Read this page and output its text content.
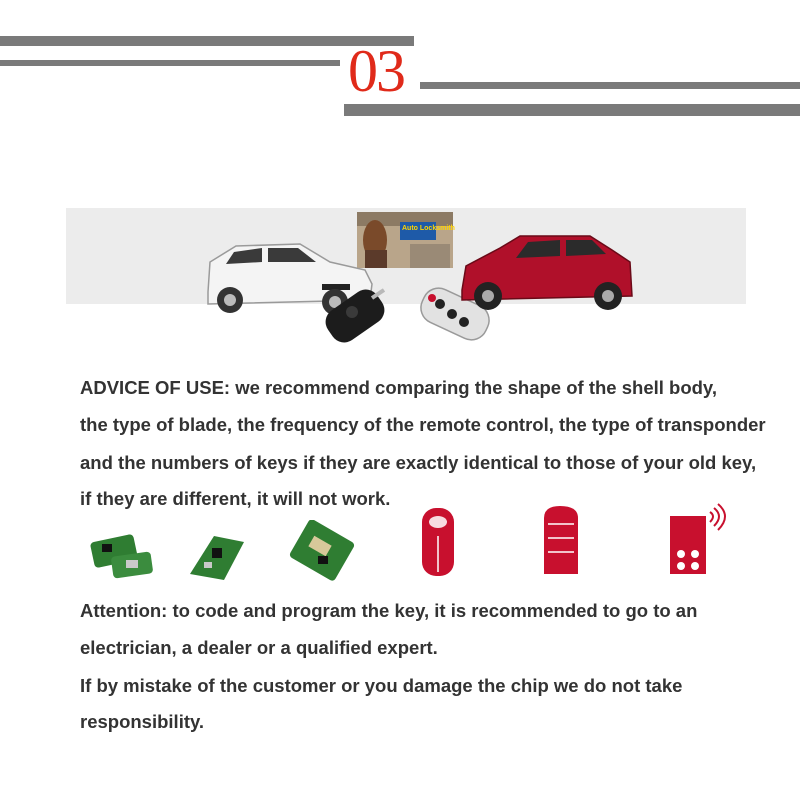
03
Auto Locksmith
ADVICE OF USE: we recommend comparing the shape of the shell body,
the type of blade, the frequency of the remote control, the type of transponder
and the numbers of keys if they are exactly identical to those of your old key,
if they are different, it will not work.
Attention: to code and program the key, it is recommended to go to an
electrician, a dealer or a qualified expert.
If by mistake of the customer or you damage the chip we do not take
responsibility.
